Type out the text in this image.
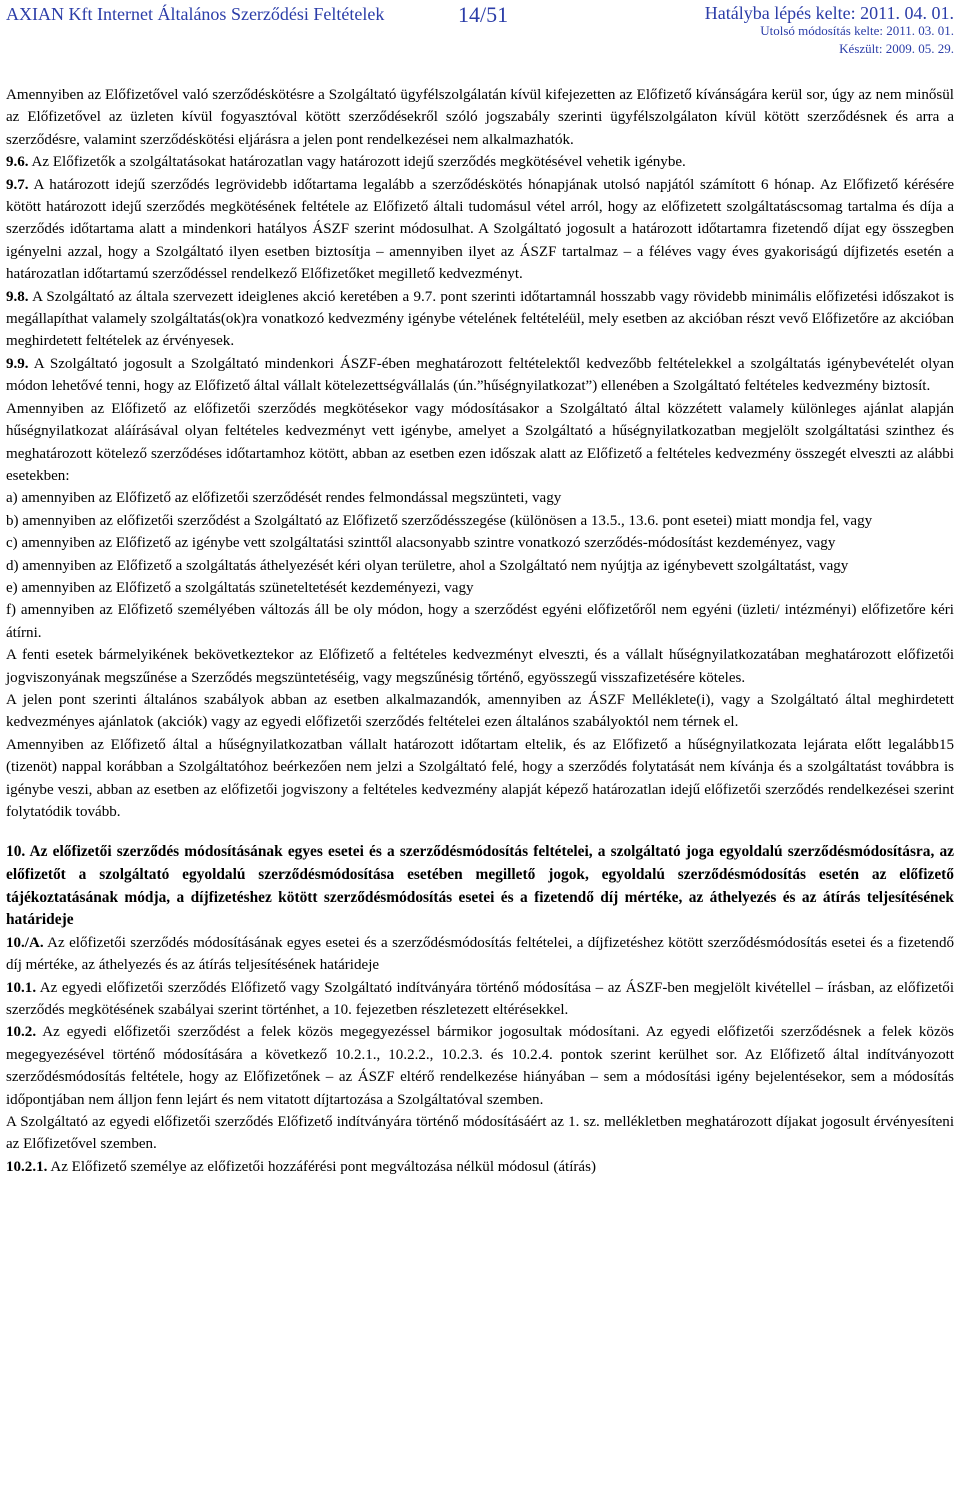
AXIAN Kft Internet Általános Szerződési Feltételek	14/51	Hatályba lépés kelte: 2011. 04. 01.
Utolsó módosítás kelte: 2011. 03. 01.
Készült: 2009. 05. 29.

Amennyiben az Előfizetővel való szerződéskötésre a Szolgáltató ügyfélszolgálatán kívül kifejezetten az Előfizető kívánságára kerül sor, úgy az nem minősül az Előfizetővel az üzleten kívül fogyasztóval kötött szerződésekről szóló jogszabály szerinti ügyfélszolgálaton kívül kötött szerződésnek és arra a szerződésre, valamint szerződéskötési eljárásra a jelen pont rendelkezései nem alkalmazhatók.

9.6. Az Előfizetők a szolgáltatásokat határozatlan vagy határozott idejű szerződés megkötésével vehetik igénybe.

9.7. A határozott idejű szerződés legrövidebb időtartama legalább a szerződéskötés hónapjának utolsó napjától számított 6 hónap. Az Előfizető kérésére kötött határozott idejű szerződés megkötésének feltétele az Előfizető általi tudomásul vétel arról, hogy az előfizetett szolgáltatáscsomag tartalma és díja a szerződés időtartama alatt a mindenkori hatályos ÁSZF szerint módosulhat. A Szolgáltató jogosult a határozott időtartamra fizetendő díjat egy összegben igényelni azzal, hogy a Szolgáltató ilyen esetben biztosítja – amennyiben ilyet az ÁSZF tartalmaz – a féléves vagy éves gyakoriságú díjfizetés esetén a határozatlan időtartamú szerződéssel rendelkező Előfizetőket megillető kedvezményt.

9.8. A Szolgáltató az általa szervezett ideiglenes akció keretében a 9.7. pont szerinti időtartamnál hosszabb vagy rövidebb minimális előfizetési időszakot is megállapíthat valamely szolgáltatás(ok)ra vonatkozó kedvezmény igénybe vételének feltételéül, mely esetben az akcióban részt vevő Előfizetőre az akcióban meghirdetett feltételek az érvényesek.

9.9. A Szolgáltató jogosult a Szolgáltató mindenkori ÁSZF-ében meghatározott feltételektől kedvezőbb feltételekkel a szolgáltatás igénybevételét olyan módon lehetővé tenni, hogy az Előfizető által vállalt kötelezettségvállalás (ún.”hűségnyilatkozat”) ellenében a Szolgáltató feltételes kedvezmény biztosít.

Amennyiben az Előfizető az előfizetői szerződés megkötésekor vagy módosításakor a Szolgáltató által közzétett valamely különleges ajánlat alapján hűségnyilatkozat aláírásával olyan feltételes kedvezményt vett igénybe, amelyet a Szolgáltató a hűségnyilatkozatban megjelölt szolgáltatási szinthez és meghatározott kötelező szerződéses időtartamhoz kötött, abban az esetben ezen időszak alatt az Előfizető a feltételes kedvezmény összegét elveszti az alábbi esetekben:

a) amennyiben az Előfizető az előfizetői szerződését rendes felmondással megszünteti, vagy

b) amennyiben az előfizetői szerződést a Szolgáltató az Előfizető szerződésszegése (különösen a 13.5., 13.6. pont esetei) miatt mondja fel, vagy

c) amennyiben az Előfizető az igénybe vett szolgáltatási szinttől alacsonyabb szintre vonatkozó szerződés-módosítást kezdeményez, vagy

d) amennyiben az Előfizető a szolgáltatás áthelyezését kéri olyan területre, ahol a Szolgáltató nem nyújtja az igénybevett szolgáltatást, vagy

e) amennyiben az Előfizető a szolgáltatás szüneteltetését kezdeményezi, vagy

f) amennyiben az Előfizető személyében változás áll be oly módon, hogy a szerződést egyéni előfizetőről nem egyéni (üzleti/ intézményi) előfizetőre kéri átírni.

A fenti esetek bármelyikének bekövetkeztekor az Előfizető a feltételes kedvezményt elveszti, és a vállalt hűségnyilatkozatában meghatározott előfizetői jogviszonyának megszűnése a Szerződés megszüntetéséig, vagy megszűnésig tőrténő, egyösszegű visszafizetésére köteles.

A jelen pont szerinti általános szabályok abban az esetben alkalmazandók, amennyiben az ÁSZF Melléklete(i), vagy a Szolgáltató által meghirdetett kedvezményes ajánlatok (akciók) vagy az egyedi előfizetői szerződés feltételei ezen általános szabályoktól nem térnek el.

Amennyiben az Előfizető által a hűségnyilatkozatban vállalt határozott időtartam eltelik, és az Előfizető a hűségnyilatkozata lejárata előtt legalább15 (tizenöt) nappal korábban a Szolgáltatóhoz beérkezően nem jelzi a Szolgáltató felé, hogy a szerződés folytatását nem kívánja és a szolgáltatást továbbra is igénybe veszi, abban az esetben az előfizetői jogviszony a feltételes kedvezmény alapját képező határozatlan idejű előfizetői szerződés rendelkezései szerint folytatódik tovább.

10. Az előfizetői szerződés módosításának egyes esetei és a szerződésmódosítás feltételei, a szolgáltató joga egyoldalú szerződésmódosításra, az előfizetőt a szolgáltató egyoldalú szerződésmódosítása esetében megillető jogok, egyoldalú szerződésmódosítás esetén az előfizető tájékoztatásának módja, a díjfizetéshez kötött szerződésmódosítás esetei és a fizetendő díj mértéke, az áthelyezés és az átírás teljesítésének határideje

10./A. Az előfizetői szerződés módosításának egyes esetei és a szerződésmódosítás feltételei, a díjfizetéshez kötött szerződésmódosítás esetei és a fizetendő díj mértéke, az áthelyezés és az átírás teljesítésének határideje

10.1. Az egyedi előfizetői szerződés Előfizető vagy Szolgáltató indítványára történő módosítása – az ÁSZF-ben megjelölt kivétellel – írásban, az előfizetői szerződés megkötésének szabályai szerint történhet, a 10. fejezetben részletezett eltérésekkel.

10.2. Az egyedi előfizetői szerződést a felek közös megegyezéssel bármikor jogosultak módosítani. Az egyedi előfizetői szerződésnek a felek közös megegyezésével történő módosítására a következő 10.2.1., 10.2.2., 10.2.3. és 10.2.4. pontok szerint kerülhet sor. Az Előfizető által indítványozott szerződésmódosítás feltétele, hogy az Előfizetőnek – az ÁSZF eltérő rendelkezése hiányában – sem a módosítási igény bejelentésekor, sem a módosítás időpontjában nem álljon fenn lejárt és nem vitatott díjtartozása a Szolgáltatóval szemben.

A Szolgáltató az egyedi előfizetői szerződés Előfizető indítványára történő módosításáért az 1. sz. mellékletben meghatározott díjakat jogosult érvényesíteni az Előfizetővel szemben.

10.2.1. Az Előfizető személye az előfizetői hozzáférési pont megváltozása nélkül módosul (átírás)
